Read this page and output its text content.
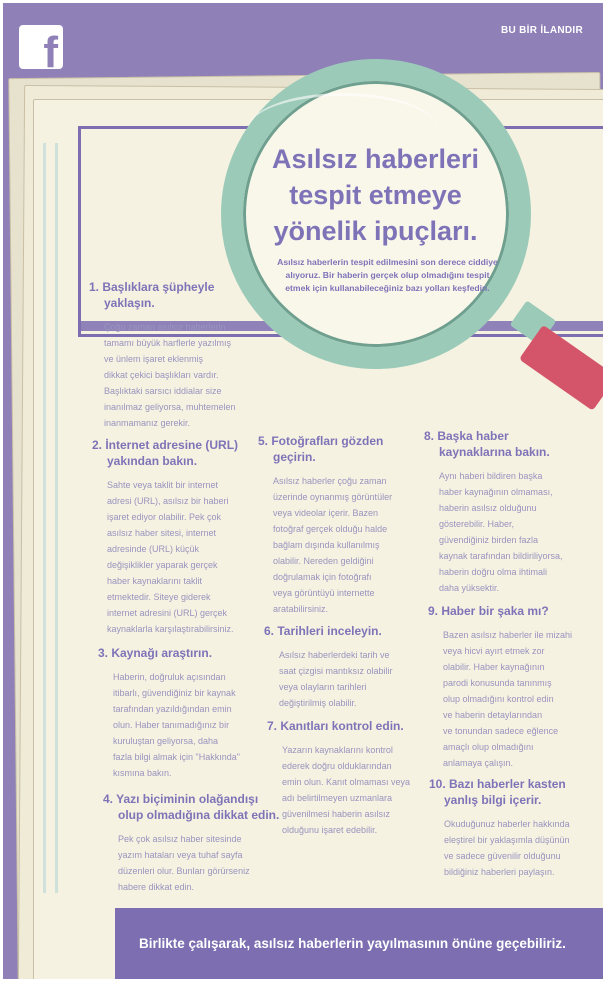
f	BU BİR İLANDIR
Asılsız haberleri
tespit etmeye
yönelik ipuçları.

Asılsız haberlerin tespit edilmesini son derece ciddiye
alıyoruz. Bir haberin gerçek olup olmadığını tespit
etmek için kullanabileceğiniz bazı yolları keşfedin.

1. Başlıklara şüpheyle
yaklaşın.

Çoğu zaman asılsız haberlerin
tamamı büyük harflerle yazılmış
ve ünlem işaret eklenmiş
dikkat çekici başlıkları vardır.
Başlıktaki sarsıcı iddialar size
inanılmaz geliyorsa, muhtemelen
inanmamanız gerekir.

2. İnternet adresine (URL)
yakından bakın.

Sahte veya taklit bir internet
adresi (URL), asılsız bir haberi
işaret ediyor olabilir. Pek çok
asılsız haber sitesi, internet
adresinde (URL) küçük
değişiklikler yaparak gerçek
haber kaynaklarını taklit
etmektedir. Siteye giderek
internet adresini (URL) gerçek
kaynaklarla karşılaştırabilirsiniz.

3. Kaynağı araştırın.

Haberin, doğruluk açısından
itibarlı, güvendiğiniz bir kaynak
tarafından yazıldığından emin
olun. Haber tanımadığınız bir
kuruluştan geliyorsa, daha
fazla bilgi almak için "Hakkında"
kısmına bakın.

4. Yazı biçiminin olağandışı
olup olmadığına dikkat edin.

Pek çok asılsız haber sitesinde
yazım hataları veya tuhaf sayfa
düzenleri olur. Bunları görürseniz
habere dikkat edin.

5. Fotoğrafları gözden
geçirin.

Asılsız haberler çoğu zaman
üzerinde oynanmış görüntüler
veya videolar içerir. Bazen
fotoğraf gerçek olduğu halde
bağlam dışında kullanılmış
olabilir. Nereden geldiğini
doğrulamak için fotoğrafı
veya görüntüyü internette
aratabilirsiniz.

6. Tarihleri inceleyin.

Asılsız haberlerdeki tarih ve
saat çizgisi mantıksız olabilir
veya olayların tarihleri
değiştirilmiş olabilir.

7. Kanıtları kontrol edin.

Yazarın kaynaklarını kontrol
ederek doğru olduklarından
emin olun. Kanıt olmaması veya
adı belirtilmeyen uzmanlara
güvenilmesi haberin asılsız
olduğunu işaret edebilir.

8. Başka haber
kaynaklarına bakın.

Aynı haberi bildiren başka
haber kaynağının olmaması,
haberin asılsız olduğunu
gösterebilir. Haber,
güvendiğiniz birden fazla
kaynak tarafından bildiriliyorsa,
haberin doğru olma ihtimali
daha yüksektir.

9. Haber bir şaka mı?

Bazen asılsız haberler ile mizahi
veya hicvi ayırt etmek zor
olabilir. Haber kaynağının
parodi konusunda tanınmış
olup olmadığını kontrol edin
ve haberin detaylarından
ve tonundan sadece eğlence
amaçlı olup olmadığını
anlamaya çalışın.

10. Bazı haberler kasten
yanlış bilgi içerir.

Okuduğunuz haberler hakkında
eleştirel bir yaklaşımla düşünün
ve sadece güvenilir olduğunu
bildiğiniz haberleri paylaşın.

Birlikte çalışarak, asılsız haberlerin yayılmasının önüne geçebiliriz.
